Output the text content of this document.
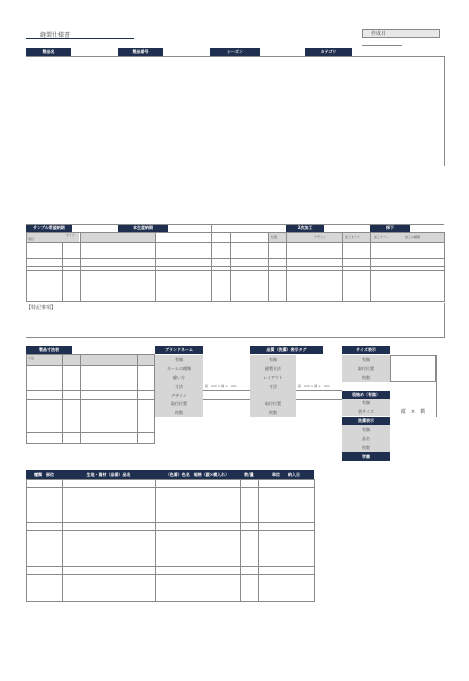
縫製仕様書	作成日
製品名	製品番号	シーズン	カテゴリ
サンプル希望納期	本生産納期	2次加工	採下
項目
サイズ	位置	デザイン	加工サイズ	加工カラー	加工の種類
【特記事項】
製品寸法表
寸法
ブランドネーム
有無
ネームの種類
縫い方
寸法	縦　mm × 横 ×　mm
デザイン
取付位置
枚数
品質（洗濯）表示タグ
有無
縫製方法
レイアウト
寸法	縦　mm × 横 ×　mm
取付位置
枚数
サイズ表示
有無
取付位置
枚数
袋詰め（有無）
有無
袋サイズ	縦　×　横
洗濯表示
有無
品名
枚数
学園
種類　部位	生地・資材（品番）品名	（色番）色名　規格（縦×横入れ）	数/量	単位　　納入日
